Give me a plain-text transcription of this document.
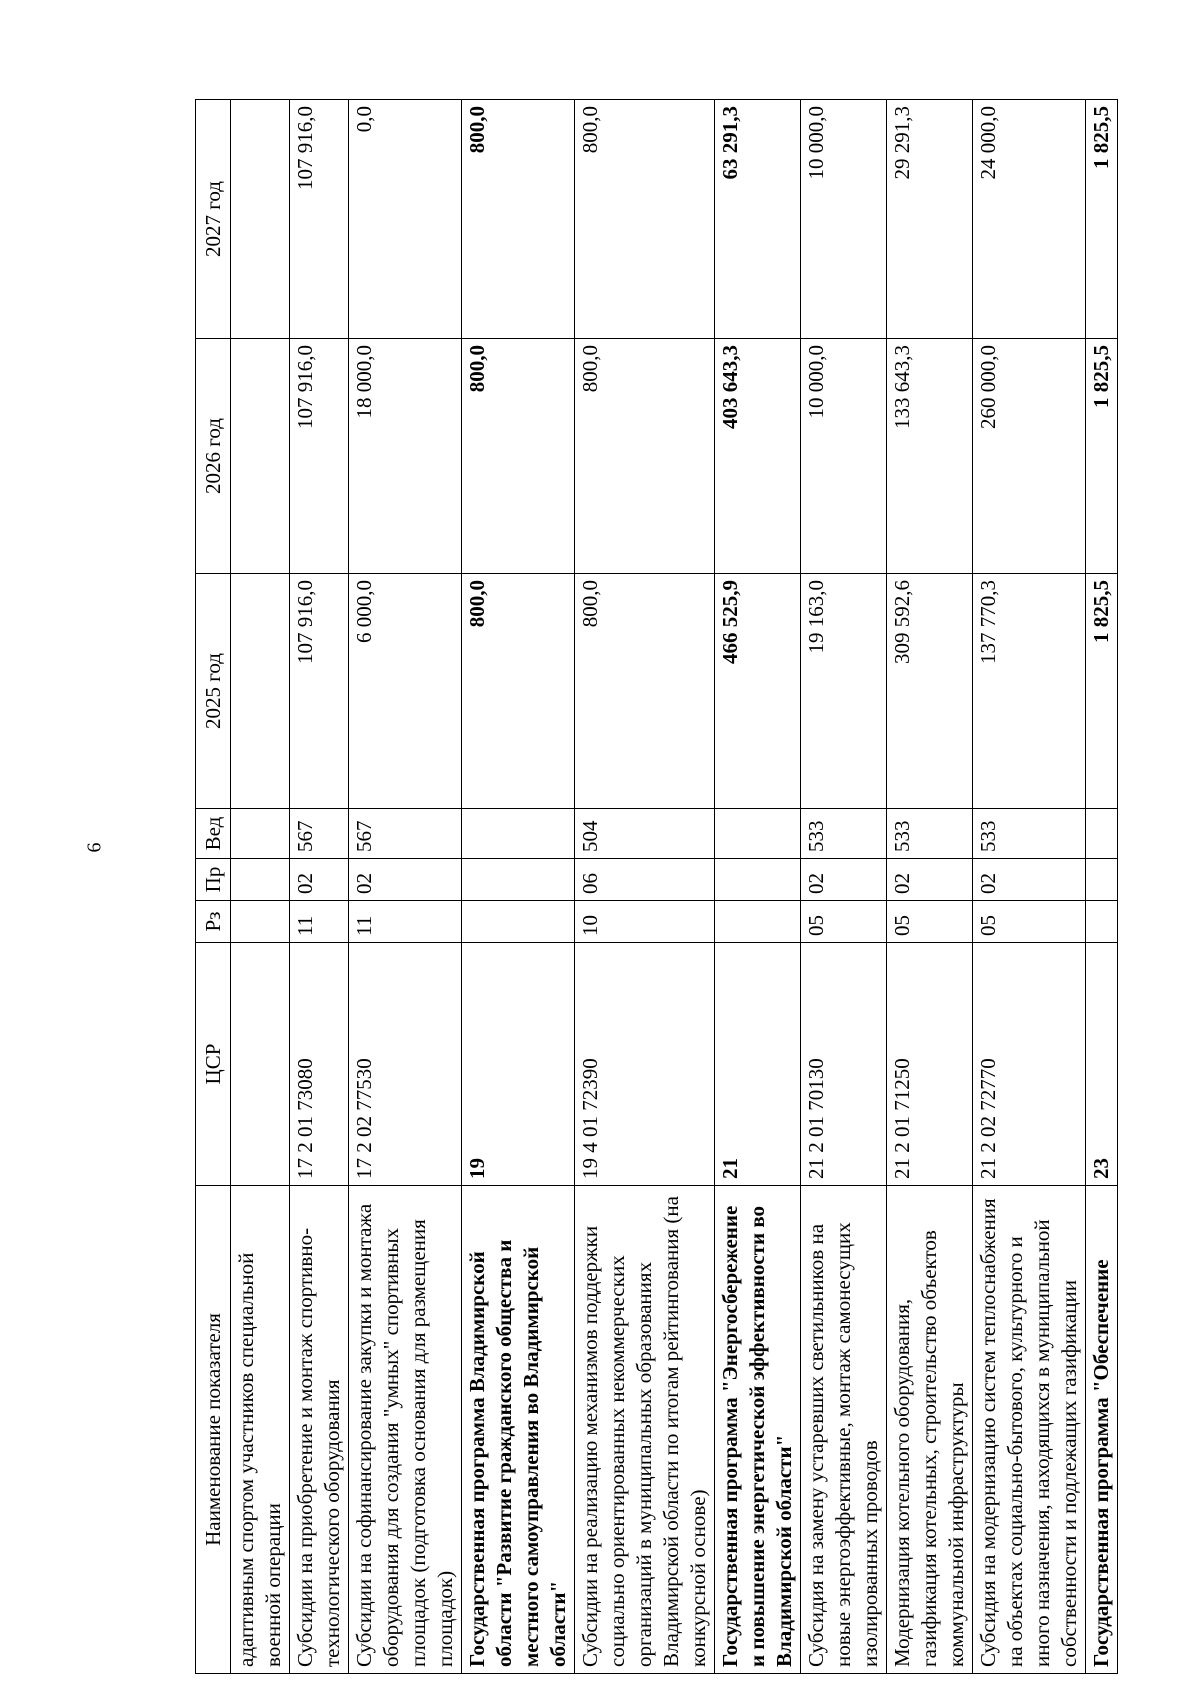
6
Наименование показателя	ЦСР	Рз	Пр	Вед	2025 год	2026 год	2027 год
адаптивным спортом участников специальной военной операции							
Субсидии на приобретение и монтаж спортивно-технологического оборудования	17 2 01 73080	11	02	567	107 916,0	107 916,0	107 916,0
Субсидии на софинансирование закупки и монтажа оборудования для создания "умных" спортивных площадок (подготовка основания для размещения площадок)	17 2 02 77530	11	02	567	6 000,0	18 000,0	0,0
Государственная программа Владимирской области "Развитие гражданского общества и местного самоуправления во Владимирской области"	19				800,0	800,0	800,0
Субсидии на реализацию механизмов поддержки социально ориентированных некоммерческих организаций в муниципальных образованиях Владимирской области по итогам рейтингования (на конкурсной основе)	19 4 01 72390	10	06	504	800,0	800,0	800,0
Государственная программа "Энергосбережение и повышение энергетической эффективности во Владимирской области"	21				466 525,9	403 643,3	63 291,3
Субсидия на замену устаревших светильников на новые энергоэффективные, монтаж самонесущих изолированных проводов	21 2 01 70130	05	02	533	19 163,0	10 000,0	10 000,0
Модернизация котельного оборудования, газификация котельных, строительство объектов коммунальной инфраструктуры	21 2 01 71250	05	02	533	309 592,6	133 643,3	29 291,3
Субсидия на модернизацию систем теплоснабжения на объектах социально-бытового, культурного и иного назначения, находящихся в муниципальной собственности и подлежащих газификации	21 2 02 72770	05	02	533	137 770,3	260 000,0	24 000,0
Государственная программа "Обеспечение	23				1 825,5	1 825,5	1 825,5
